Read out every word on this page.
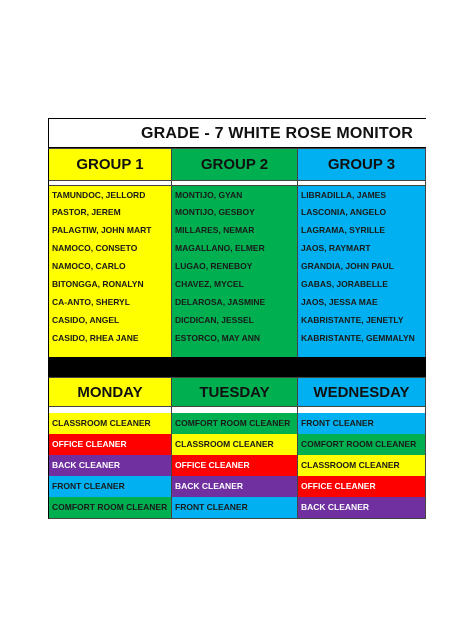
GRADE - 7 WHITE ROSE MONITOR
GROUP 1
TAMUNDOC, JELLORD
PASTOR, JEREM
PALAGTIW, JOHN MART
NAMOCO, CONSETO
NAMOCO, CARLO
BITONGGA, RONALYN
CA-ANTO, SHERYL
CASIDO, ANGEL
CASIDO, RHEA JANE
GROUP 2
MONTIJO, GYAN
MONTIJO, GESBOY
MILLARES, NEMAR
MAGALLANO, ELMER
LUGAO, RENEBOY
CHAVEZ, MYCEL
DELAROSA, JASMINE
DICDICAN, JESSEL
ESTORCO, MAY ANN
GROUP 3
LIBRADILLA, JAMES
LASCONIA, ANGELO
LAGRAMA, SYRILLE
JAOS, RAYMART
GRANDIA, JOHN PAUL
GABAS, JORABELLE
JAOS, JESSA MAE
KABRISTANTE, JENETLY
KABRISTANTE, GEMMALYN
MONDAY
CLASSROOM CLEANER
OFFICE CLEANER
BACK CLEANER
FRONT CLEANER
COMFORT ROOM CLEANER
TUESDAY
COMFORT ROOM CLEANER
CLASSROOM CLEANER
OFFICE CLEANER
BACK CLEANER
FRONT CLEANER
WEDNESDAY
FRONT CLEANER
COMFORT ROOM CLEANER
CLASSROOM CLEANER
OFFICE CLEANER
BACK CLEANER
